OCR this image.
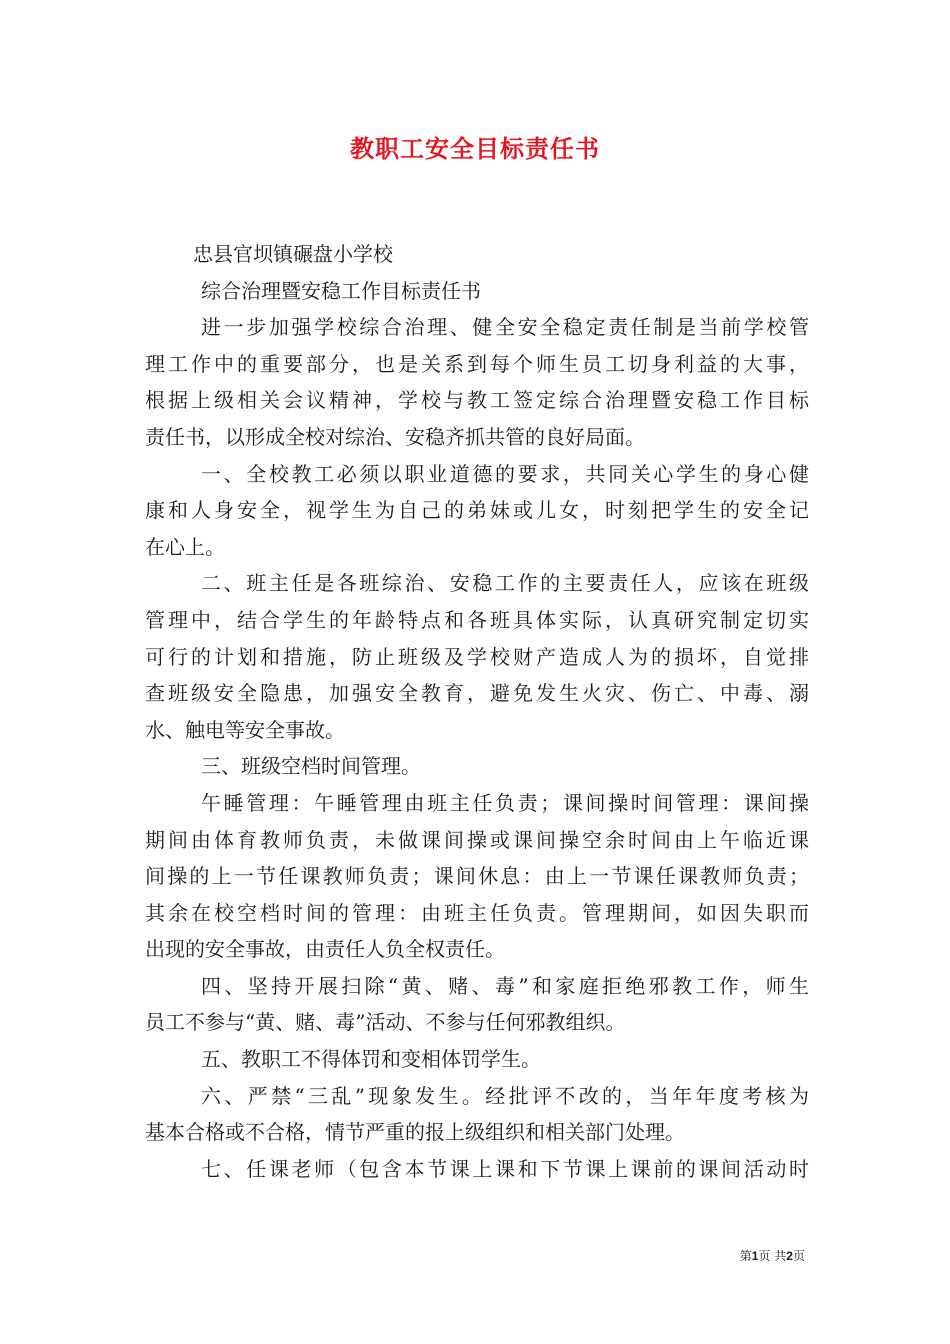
教职工安全目标责任书
忠县官坝镇碾盘小学校
综合治理暨安稳工作目标责任书
进一步加强学校综合治理、健全安全稳定责任制是当前学校管
理工作中的重要部分，也是关系到每个师生员工切身利益的大事，
根据上级相关会议精神，学校与教工签定综合治理暨安稳工作目标
责任书，以形成全校对综治、安稳齐抓共管的良好局面。
一、全校教工必须以职业道德的要求，共同关心学生的身心健
康和人身安全，视学生为自己的弟妹或儿女，时刻把学生的安全记
在心上。
二、班主任是各班综治、安稳工作的主要责任人，应该在班级
管理中，结合学生的年龄特点和各班具体实际，认真研究制定切实
可行的计划和措施，防止班级及学校财产造成人为的损坏，自觉排
查班级安全隐患，加强安全教育，避免发生火灾、伤亡、中毒、溺
水、触电等安全事故。
三、班级空档时间管理。
午睡管理：午睡管理由班主任负责；课间操时间管理：课间操
期间由体育教师负责，未做课间操或课间操空余时间由上午临近课
间操的上一节任课教师负责；课间休息：由上一节课任课教师负责；
其余在校空档时间的管理：由班主任负责。管理期间，如因失职而
出现的安全事故，由责任人负全权责任。
四、坚持开展扫除“黄、赌、毒”和家庭拒绝邪教工作，师生
员工不参与“黄、赌、毒”活动、不参与任何邪教组织。
五、教职工不得体罚和变相体罚学生。
六、严禁“三乱”现象发生。经批评不改的，当年年度考核为
基本合格或不合格，情节严重的报上级组织和相关部门处理。
七、任课老师（包含本节课上课和下节课上课前的课间活动时
第1页 共2页
